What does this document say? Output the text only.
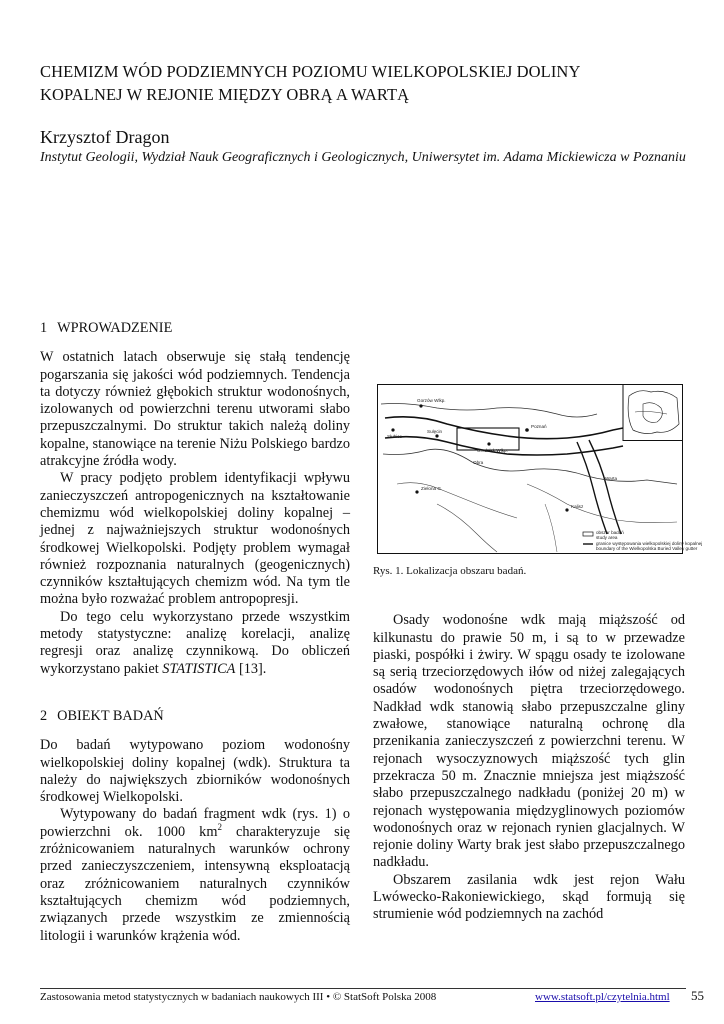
CHEMIZM WÓD PODZIEMNYCH POZIOMU WIELKOPOLSKIEJ DOLINY
KOPALNEJ W REJONIE MIĘDZY OBRĄ A WARTĄ
Krzysztof Dragon
Instytut Geologii, Wydział Nauk Geograficznych i Geologicznych, Uniwersytet im. Adama Mickiewicza w Poznaniu
1 WPROWADZENIE

W ostatnich latach obserwuje się stałą tendencję pogarszania się jakości wód podziemnych. Tendencja ta dotyczy również głębokich struktur wodonośnych, izolowanych od powierzchni terenu utworami słabo przepuszczalnymi. Do struktur takich należą doliny kopalne, stanowiące na terenie Niżu Polskiego bardzo atrakcyjne źródła wody.

W pracy podjęto problem identyfikacji wpływu zanieczyszczeń antropogenicznych na kształtowanie chemizmu wód wielkopolskiej doliny kopalnej – jednej z najważniejszych struktur wodonośnych środkowej Wielkopolski. Podjęty problem wymagał również rozpoznania naturalnych (geogenicznych) czynników kształtujących chemizm wód. Na tym tle można było rozważać problem antropopresji.

Do tego celu wykorzystano przede wszystkim metody statystyczne: analizę korelacji, analizę regresji oraz analizę czynnikową. Do obliczeń wykorzystano pakiet STATISTICA [13].

2 OBIEKT BADAŃ

Do badań wytypowano poziom wodonośny wielkopolskiej doliny kopalnej (wdk). Struktura ta należy do największych zbiorników wodonośnych środkowej Wielkopolski.

Wytypowany do badań fragment wdk (rys. 1) o powierzchni ok. 1000 $km^2$ charakteryzuje się zróżnicowaniem naturalnych warunków ochrony przed zanieczyszczeniem, intensywną eksploatacją oraz zróżnicowaniem naturalnych czynników kształtujących chemizm wód podziemnych, związanych przede wszystkim ze zmiennością litologii i warunków krążenia wód.

Gorzów Wlkp.
Sulęcin
Słubice
Poznań
Grodzisk Wlkp.
Zielona G.
Kalisz
Warta
Obra
obszar badań
study area
granice występowania wielkopolskiej doliny kopalnej
boundary of the Wielkopolska Buried Valley gutter
Rys. 1. Lokalizacja obszaru badań.

Osady wodonośne wdk mają miąższość od kilkunastu do prawie 50 m, i są to w przewadze piaski, pospółki i żwiry. W spągu osady te izolowane są serią trzeciorzędowych iłów od niżej zalegających osadów wodonośnych piętra trzeciorzędowego. Nadkład wdk stanowią słabo przepuszczalne gliny zwałowe, stanowiące naturalną ochronę dla przenikania zanieczyszczeń z powierzchni terenu. W rejonach wysoczyznowych miąższość tych glin przekracza 50 m. Znacznie mniejsza jest miąższość słabo przepuszczalnego nadkładu (poniżej 20 m) w rejonach występowania międzyglinowych poziomów wodonośnych oraz w rejonach rynien glacjalnych. W rejonie doliny Warty brak jest słabo przepuszczalnego nadkładu.

Obszarem zasilania wdk jest rejon Wału Lwówecko-Rakoniewickiego, skąd formują się strumienie wód podziemnych na zachód

Zastosowania metod statystycznych w badaniach naukowych III • © StatSoft Polska 2008	www.statsoft.pl/czytelnia.html 55
